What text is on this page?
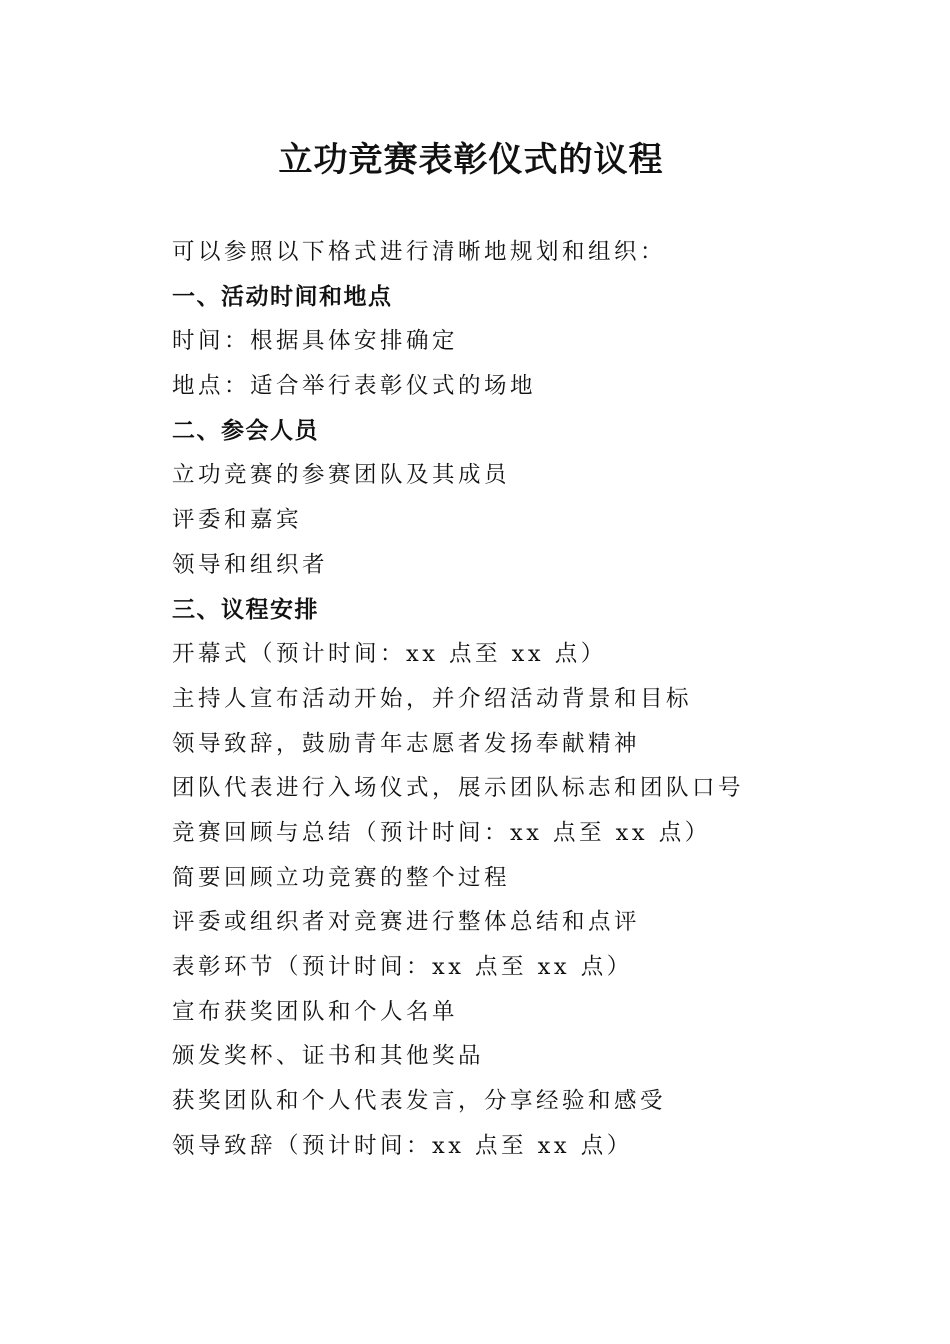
立功竞赛表彰仪式的议程
可以参照以下格式进行清晰地规划和组织：
一、活动时间和地点
时间：根据具体安排确定
地点：适合举行表彰仪式的场地
二、参会人员
立功竞赛的参赛团队及其成员
评委和嘉宾
领导和组织者
三、议程安排
开幕式（预计时间：xx 点至 xx 点）
主持人宣布活动开始，并介绍活动背景和目标
领导致辞，鼓励青年志愿者发扬奉献精神
团队代表进行入场仪式，展示团队标志和团队口号
竞赛回顾与总结（预计时间：xx 点至 xx 点）
简要回顾立功竞赛的整个过程
评委或组织者对竞赛进行整体总结和点评
表彰环节（预计时间：xx 点至 xx 点）
宣布获奖团队和个人名单
颁发奖杯、证书和其他奖品
获奖团队和个人代表发言，分享经验和感受
领导致辞（预计时间：xx 点至 xx 点）
